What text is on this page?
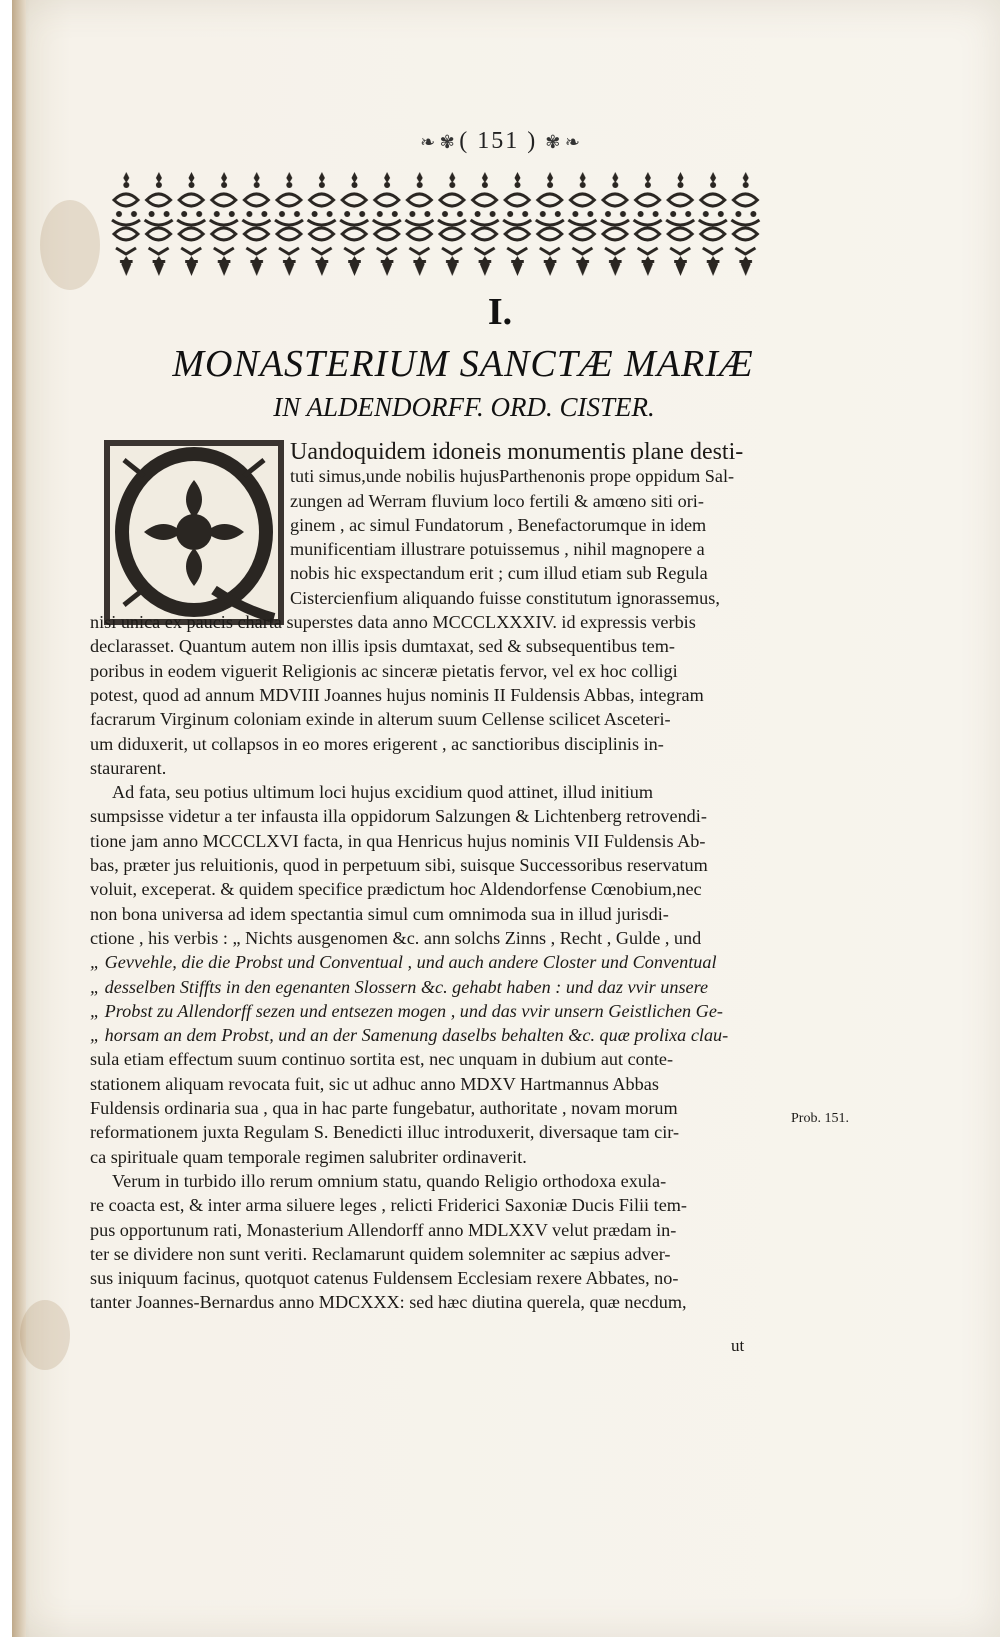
❧ ✾ ( 151 ) ✾ ❧
I.
MONASTERIUM SANCTÆ MARIÆ
IN ALDENDORFF. ORD. CISTER.
Uandoquidem idoneis monumentis plane desti-
tuti simus,unde nobilis hujusParthenonis prope oppidum Sal-
zungen ad Werram fluvium loco fertili & amœno siti ori-
ginem , ac simul Fundatorum , Benefactorumque in idem
munificentiam illustrare potuissemus , nihil magnopere a
nobis hic exspectandum erit ; cum illud etiam sub Regula
Cistercienfium aliquando fuisse constitutum ignorassemus,
nisi unica ex paucis charta superstes data anno MCCCLXXXIV. id expressis verbis
declarasset. Quantum autem non illis ipsis dumtaxat, sed & subsequentibus tem-
poribus in eodem viguerit Religionis ac sinceræ pietatis fervor, vel ex hoc colligi
potest, quod ad annum MDVIII Joannes hujus nominis II Fuldensis Abbas, integram
facrarum Virginum coloniam exinde in alterum suum Cellense scilicet Asceteri-
um diduxerit, ut collapsos in eo mores erigerent , ac sanctioribus disciplinis in-
staurarent.
Ad fata, seu potius ultimum loci hujus excidium quod attinet, illud initium
sumpsisse videtur a ter infausta illa oppidorum Salzungen & Lichtenberg retrovendi-
tione jam anno MCCCLXVI facta, in qua Henricus hujus nominis VII Fuldensis Ab-
bas, præter jus reluitionis, quod in perpetuum sibi, suisque Successoribus reservatum
voluit, exceperat. & quidem specifice prædictum hoc Aldendorfense Cœnobium,nec
non bona universa ad idem spectantia simul cum omnimoda sua in illud jurisdi-
ctione , his verbis : „ Nichts ausgenomen &c. ann solchs Zinns , Recht , Gulde , und
„ Gevvehle, die die Probst und Conventual , und auch andere Closter und Conventual
„ desselben Stiffts in den egenanten Slossern &c. gehabt haben : und daz vvir unsere
„ Probst zu Allendorff sezen und entsezen mogen , und das vvir unsern Geistlichen Ge-
„ horsam an dem Probst, und an der Samenung daselbs behalten &c. quæ prolixa clau-
sula etiam effectum suum continuo sortita est, nec unquam in dubium aut conte-
stationem aliquam revocata fuit, sic ut adhuc anno MDXV Hartmannus Abbas
Fuldensis ordinaria sua , qua in hac parte fungebatur, authoritate , novam morum
reformationem juxta Regulam S. Benedicti illuc introduxerit, diversaque tam cir-
ca spirituale quam temporale regimen salubriter ordinaverit.
Verum in turbido illo rerum omnium statu, quando Religio orthodoxa exula-
re coacta est, & inter arma siluere leges , relicti Friderici Saxoniæ Ducis Filii tem-
pus opportunum rati, Monasterium Allendorff anno MDLXXV velut prædam in-
ter se dividere non sunt veriti. Reclamarunt quidem solemniter ac sæpius adver-
sus iniquum facinus, quotquot catenus Fuldensem Ecclesiam rexere Abbates, no-
tanter Joannes-Bernardus anno MDCXXX: sed hæc diutina querela, quæ necdum,
Prob. 151.
ut
